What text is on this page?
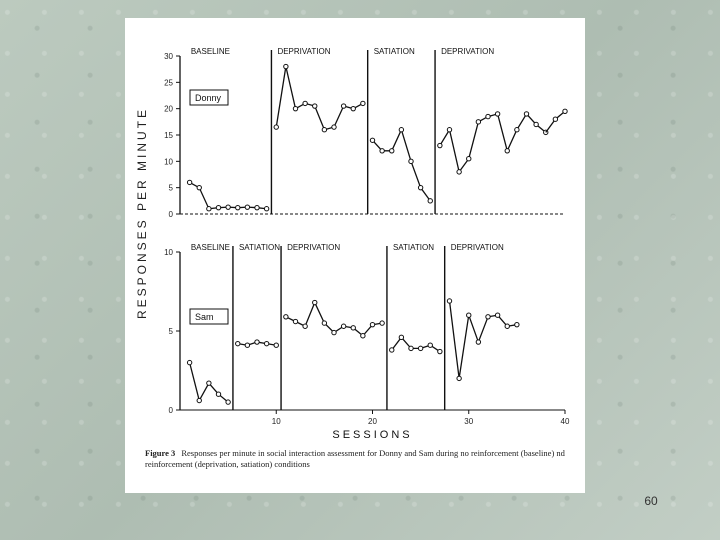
0
5
10
15
20
25
30
Donny
BASELINE	DEPRIVATION	SATIATION	DEPRIVATION
0
5
10
Sam
BASELINE SATIATION DEPRIVATION	SATIATION DEPRIVATION
10	20	30	40
SESSIONS
RESPONSES PER MINUTE
Figure 3 Responses per minute in social interaction assessment for Donny and Sam during no reinforcement (baseline) nd reinforcement (deprivation, satiation) conditions
60
